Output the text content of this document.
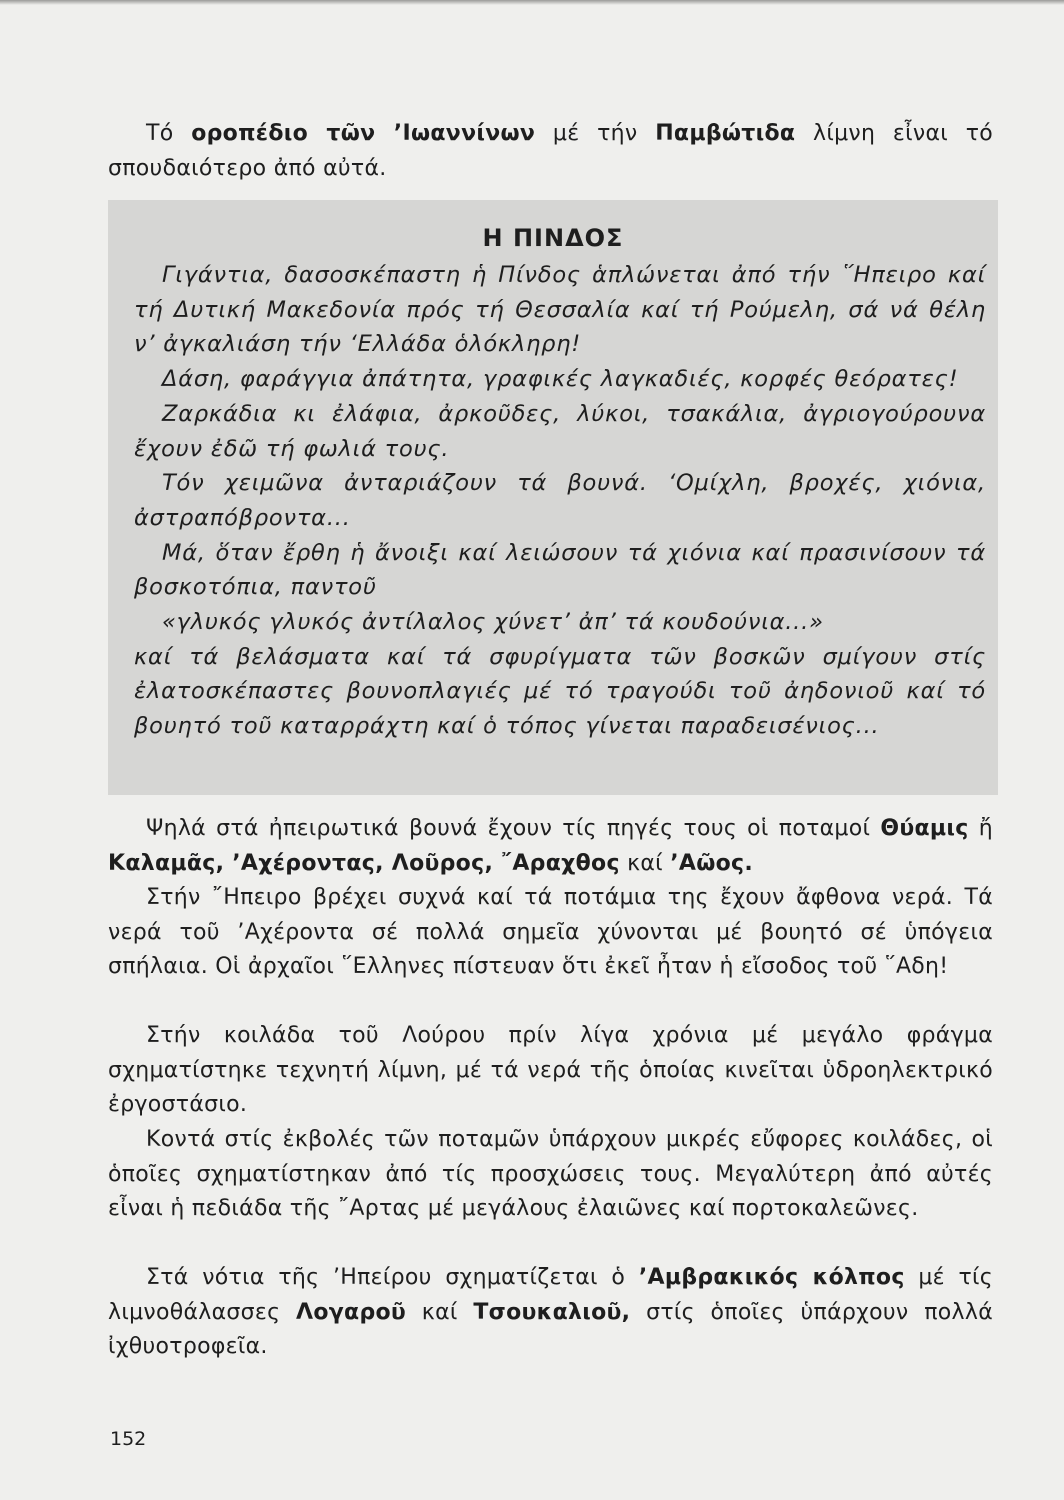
Τό οροπέδιο τῶν ’Ιωαννίνων μέ τήν Παμβώτιδα λίμνη εἶναι τό σπουδαιότερο ἀπό αὐτά.

Η ΠΙΝΔΟΣ

Γιγάντια, δασοσκέπαστη ἡ Πίνδος ἁπλώνεται ἀπό τήν ῞Ηπειρο καί τή Δυτική Μακεδονία πρός τή Θεσσαλία καί τή Ρούμελη, σά νά θέλη ν’ ἀγκαλιάση τήν ‘Ελλάδα ὁλόκληρη!

Δάση, φαράγγια ἀπάτητα, γραφικές λαγκαδιές, κορφές θεόρατες!

Ζαρκάδια κι ἐλάφια, ἀρκοῦδες, λύκοι, τσακάλια, ἀγριογούρουνα ἔχουν ἐδῶ τή φωλιά τους.

Τόν χειμῶνα ἀνταριάζουν τά βουνά. ‘Ομίχλη, βροχές, χιόνια, ἀστραπόβροντα...

Μά, ὅταν ἔρθη ἡ ἄνοιξι καί λειώσουν τά χιόνια καί πρασινίσουν τά βοσκοτόπια, παντοῦ

«γλυκός γλυκός ἀντίλαλος χύνετ’ ἀπ’ τά κουδούνια...»

καί τά βελάσματα καί τά σφυρίγματα τῶν βοσκῶν σμίγουν στίς ἐλατοσκέπαστες βουνοπλαγιές μέ τό τραγούδι τοῦ ἀηδονιοῦ καί τό βουητό τοῦ καταρράχτη καί ὁ τόπος γίνεται παραδεισένιος...

Ψηλά στά ἠπειρωτικά βουνά ἔχουν τίς πηγές τους οἱ ποταμοί Θύαμις ἤ Καλαμᾶς, ’Αχέροντας, Λοῦρος, ῎Αραχθος καί ’Αῶος.

Στήν ῎Ηπειρο βρέχει συχνά καί τά ποτάμια της ἔχουν ἄφθονα νερά. Τά νερά τοῦ ’Αχέροντα σέ πολλά σημεῖα χύνονται μέ βουητό σέ ὑπόγεια σπήλαια. Οἱ ἀρχαῖοι ῞Ελληνες πίστευαν ὅτι ἐκεῖ ἦταν ἡ εἴσοδος τοῦ ῞Αδη!

Στήν κοιλάδα τοῦ Λούρου πρίν λίγα χρόνια μέ μεγάλο φράγμα σχηματίστηκε τεχνητή λίμνη, μέ τά νερά τῆς ὁποίας κινεῖται ὑδροηλεκτρικό ἐργοστάσιο.

Κοντά στίς ἐκβολές τῶν ποταμῶν ὑπάρχουν μικρές εὔφορες κοιλάδες, οἱ ὁποῖες σχηματίστηκαν ἀπό τίς προσχώσεις τους. Μεγαλύτερη ἀπό αὐτές εἶναι ἡ πεδιάδα τῆς ῎Αρτας μέ μεγάλους ἐλαιῶνες καί πορτοκαλεῶνες.

Στά νότια τῆς ’Ηπείρου σχηματίζεται ὁ ’Αμβρακικός κόλπος μέ τίς λιμνοθάλασσες Λογαροῦ καί Τσουκαλιοῦ, στίς ὁποῖες ὑπάρχουν πολλά ἰχθυοτροφεῖα.

152
